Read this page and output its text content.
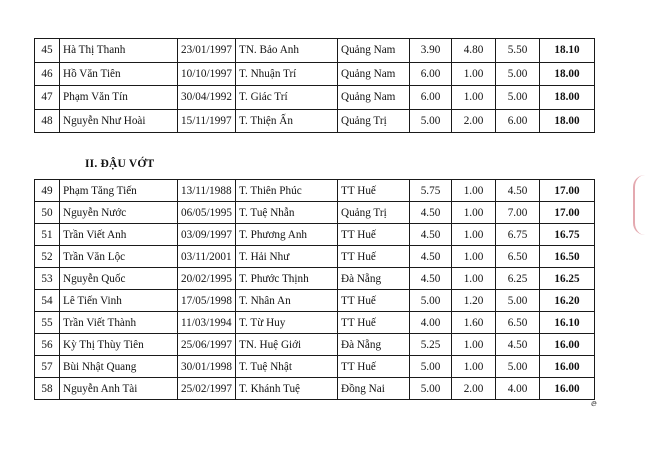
45	Hà Thị Thanh	23/01/1997	TN. Bảo Anh	Quảng Nam	3.90	4.80	5.50	18.10
46	Hồ Văn Tiên	10/10/1997	T. Nhuận Trí	Quảng Nam	6.00	1.00	5.00	18.00
47	Phạm Văn Tín	30/04/1992	T. Giác Trí	Quảng Nam	6.00	1.00	5.00	18.00
48	Nguyễn Như Hoài	15/11/1997	T. Thiện Ấn	Quảng Trị	5.00	2.00	6.00	18.00
II. ĐẬU VỚT
49	Phạm Tăng Tiến	13/11/1988	T. Thiên Phúc	TT Huế	5.75	1.00	4.50	17.00
50	Nguyễn Nước	06/05/1995	T. Tuệ Nhẫn	Quảng Trị	4.50	1.00	7.00	17.00
51	Trần Viết Anh	03/09/1997	T. Phương Anh	TT Huế	4.50	1.00	6.75	16.75
52	Trần Văn Lộc	03/11/2001	T. Hải Như	TT Huế	4.50	1.00	6.50	16.50
53	Nguyễn Quốc	20/02/1995	T. Phước Thịnh	Đà Nẵng	4.50	1.00	6.25	16.25
54	Lê Tiến Vinh	17/05/1998	T. Nhân An	TT Huế	5.00	1.20	5.00	16.20
55	Trần Viết Thành	11/03/1994	T. Từ Huy	TT Huế	4.00	1.60	6.50	16.10
56	Kỳ Thị Thùy Tiên	25/06/1997	TN. Huệ Giới	Đà Nẵng	5.25	1.00	4.50	16.00
57	Bùi Nhật Quang	30/01/1998	T. Tuệ Nhật	TT Huế	5.00	1.00	5.00	16.00
58	Nguyễn Anh Tài	25/02/1997	T. Khánh Tuệ	Đồng Nai	5.00	2.00	4.00	16.00
ⅇ
